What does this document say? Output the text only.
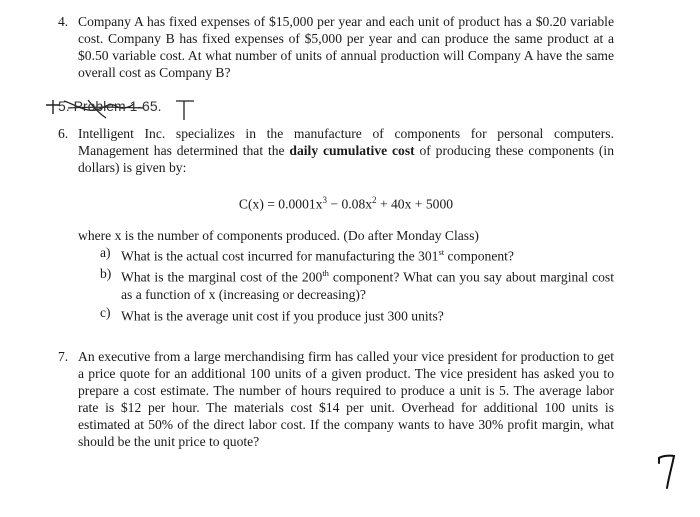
4. Company A has fixed expenses of $15,000 per year and each unit of product has a $0.20 variable cost. Company B has fixed expenses of $5,000 per year and can produce the same product at a $0.50 variable cost. At what number of units of annual production will Company A have the same overall cost as Company B?

5. Problem 1-65.
6. Intelligent Inc. specializes in the manufacture of components for personal computers. Management has determined that the daily cumulative cost of producing these components (in dollars) is given by:

$C(x) = 0.0001x^3 - 0.08x^2 + 40x + 5000$

where x is the number of components produced. (Do after Monday Class)

a) What is the actual cost incurred for manufacturing the 301st component?
b) What is the marginal cost of the 200th component? What can you say about marginal cost as a function of x (increasing or decreasing)?
c) What is the average unit cost if you produce just 300 units?
7. An executive from a large merchandising firm has called your vice president for production to get a price quote for an additional 100 units of a given product. The vice president has asked you to prepare a cost estimate. The number of hours required to produce a unit is 5. The average labor rate is $12 per hour. The materials cost $14 per unit. Overhead for additional 100 units is estimated at 50% of the direct labor cost. If the company wants to have 30% profit margin, what should be the unit price to quote?
